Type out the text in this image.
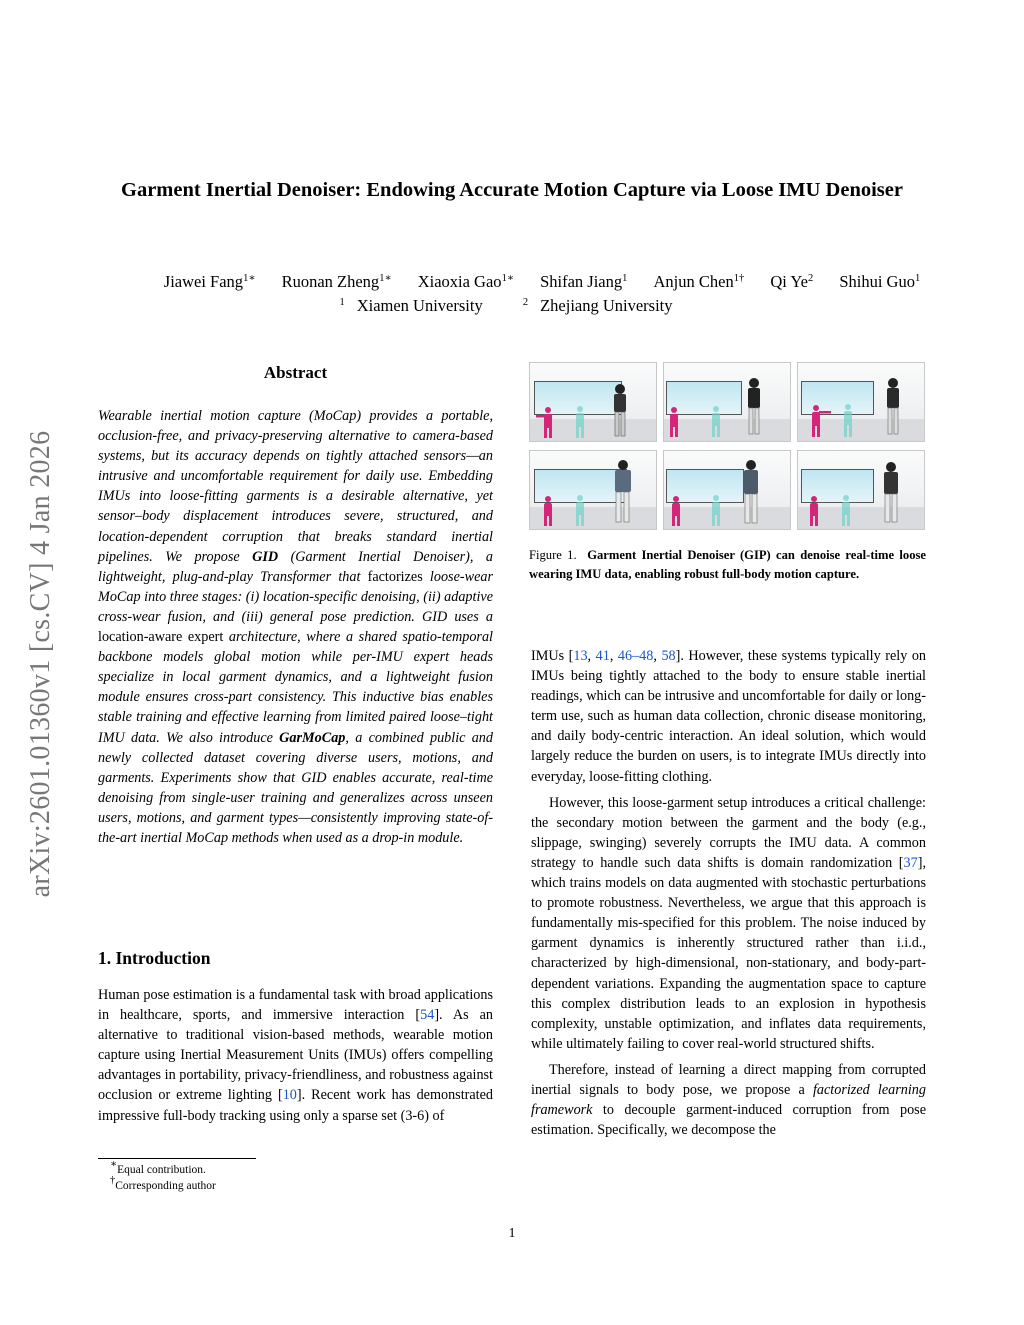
arXiv:2601.01360v1 [cs.CV] 4 Jan 2026
Garment Inertial Denoiser: Endowing Accurate Motion Capture via Loose IMU Denoiser
Jiawei Fang$^{1∗}$ Ruonan Zheng$^{1∗}$ Xiaoxia Gao$^{1∗}$ Shifan Jiang$^1$ Anjun Chen$^{1\dagger}$ Qi Ye$^2$ Shihui Guo$^1$
$^1$ Xiamen University	$^2$ Zhejiang University
Abstract
Wearable inertial motion capture (MoCap) provides a portable, occlusion-free, and privacy-preserving alternative to camera-based systems, but its accuracy depends on tightly attached sensors—an intrusive and uncomfortable requirement for daily use. Embedding IMUs into loose-fitting garments is a desirable alternative, yet sensor–body displacement introduces severe, structured, and location-dependent corruption that breaks standard inertial pipelines. We propose GID (Garment Inertial Denoiser), a lightweight, plug-and-play Transformer that factorizes loose-wear MoCap into three stages: (i) location-specific denoising, (ii) adaptive cross-wear fusion, and (iii) general pose prediction. GID uses a location-aware expert architecture, where a shared spatio-temporal backbone models global motion while per-IMU expert heads specialize in local garment dynamics, and a lightweight fusion module ensures cross-part consistency. This inductive bias enables stable training and effective learning from limited paired loose–tight IMU data. We also introduce GarMoCap, a combined public and newly collected dataset covering diverse users, motions, and garments. Experiments show that GID enables accurate, real-time denoising from single-user training and generalizes across unseen users, motions, and garment types—consistently improving state-of-the-art inertial MoCap methods when used as a drop-in module.
1. Introduction
Human pose estimation is a fundamental task with broad applications in healthcare, sports, and immersive interaction [54]. As an alternative to traditional vision-based methods, wearable motion capture using Inertial Measurement Units (IMUs) offers compelling advantages in portability, privacy-friendliness, and robustness against occlusion or extreme lighting [10]. Recent work has demonstrated impressive full-body tracking using only a sparse set (3-6) of
∗Equal contribution.
†Corresponding author
Figure 1. Garment Inertial Denoiser (GIP) can denoise real-time loose wearing IMU data, enabling robust full-body motion capture.

IMUs [13, 41, 46–48, 58]. However, these systems typically rely on IMUs being tightly attached to the body to ensure stable inertial readings, which can be intrusive and uncomfortable for daily or long-term use, such as human data collection, chronic disease monitoring, and daily body-centric interaction. An ideal solution, which would largely reduce the burden on users, is to integrate IMUs directly into everyday, loose-fitting clothing.

However, this loose-garment setup introduces a critical challenge: the secondary motion between the garment and the body (e.g., slippage, swinging) severely corrupts the IMU data. A common strategy to handle such data shifts is domain randomization [37], which trains models on data augmented with stochastic perturbations to promote robustness. Nevertheless, we argue that this approach is fundamentally mis-specified for this problem. The noise induced by garment dynamics is inherently structured rather than i.i.d., characterized by high-dimensional, non-stationary, and body-part-dependent variations. Expanding the augmentation space to capture this complex distribution leads to an explosion in hypothesis complexity, unstable optimization, and inflates data requirements, while ultimately failing to cover real-world structured shifts.

Therefore, instead of learning a direct mapping from corrupted inertial signals to body pose, we propose a factorized learning framework to decouple garment-induced corruption from pose estimation. Specifically, we decompose the

1
